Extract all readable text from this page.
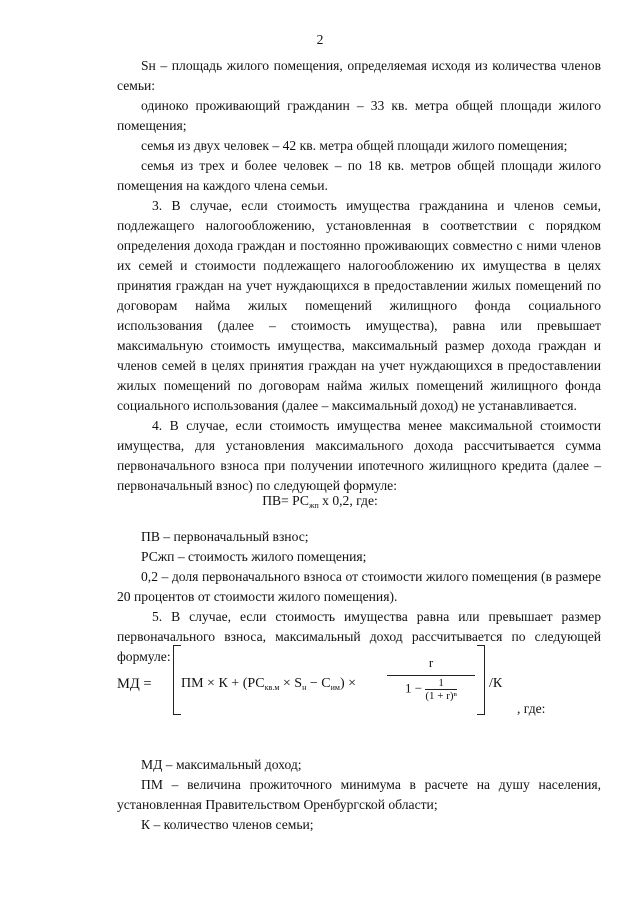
2

Sн – площадь жилого помещения, определяемая исходя из количества членов семьи:

одиноко проживающий гражданин – 33 кв. метра общей площади жилого помещения;

семья из двух человек – 42 кв. метра общей площади жилого помещения;

семья из трех и более человек – по 18 кв. метров общей площади жилого помещения на каждого члена семьи.

3. В случае, если стоимость имущества гражданина и членов семьи, подлежащего налогообложению, установленная в соответствии с порядком определения дохода граждан и постоянно проживающих совместно с ними членов их семей и стоимости подлежащего налогообложению их имущества в целях принятия граждан на учет нуждающихся в предоставлении жилых помещений по договорам найма жилых помещений жилищного фонда социального использования (далее – стоимость имущества), равна или превышает максимальную стоимость имущества, максимальный размер дохода граждан и членов семей в целях принятия граждан на учет нуждающихся в предоставлении жилых помещений по договорам найма жилых помещений жилищного фонда социального использования (далее – максимальный доход) не устанавливается.

4. В случае, если стоимость имущества менее максимальной стоимости имущества, для установления максимального дохода рассчитывается сумма первоначального взноса при получении ипотечного жилищного кредита (далее – первоначальный взнос) по следующей формуле:

$ПВ= РС_{жп}$ х 0,2, где:

ПВ – первоначальный взнос;

РСжп – стоимость жилого помещения;

0,2 – доля первоначального взноса от стоимости жилого помещения (в размере 20 процентов от стоимости жилого помещения).

5. В случае, если стоимость имущества равна или превышает размер первоначального взноса, максимальный доход рассчитывается по следующей формуле:

МД = ПМ × $К + (РС_{кв.м} \times S_н - С_{им}) \times \frac{r}{1 - \frac{1}{\text{(1 + r)ⁿ}}} /К$
, где:

МД – максимальный доход;

ПМ – величина прожиточного минимума в расчете на душу населения, установленная Правительством Оренбургской области;

К – количество членов семьи;
